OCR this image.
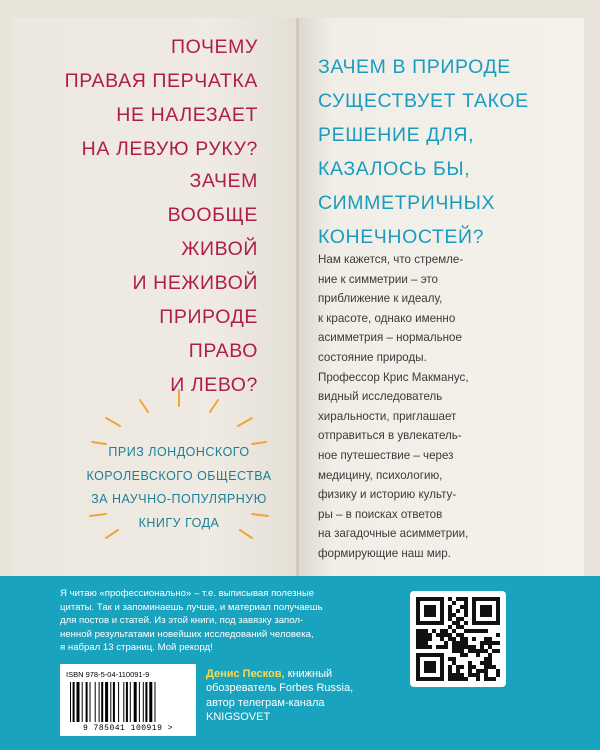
ПОЧЕМУ
ПРАВАЯ ПЕРЧАТКА
НЕ НАЛЕЗАЕТ
НА ЛЕВУЮ РУКУ?
ЗАЧЕМ
ВООБЩЕ
ЖИВОЙ
И НЕЖИВОЙ
ПРИРОДЕ
ПРАВО
И ЛЕВО?
ПРИЗ ЛОНДОНСКОГО
КОРОЛЕВСКОГО ОБЩЕСТВА
ЗА НАУЧНО-ПОПУЛЯРНУЮ
КНИГУ ГОДА
ЗАЧЕМ В ПРИРОДЕ
СУЩЕСТВУЕТ ТАКОЕ
РЕШЕНИЕ ДЛЯ,
КАЗАЛОСЬ БЫ,
СИММЕТРИЧНЫХ
КОНЕЧНОСТЕЙ?
Нам кажется, что стремле-
ние к симметрии – это
приближение к идеалу,
к красоте, однако именно
асимметрия – нормальное
состояние природы.
Профессор Крис Макманус,
видный исследователь
хиральности, приглашает
отправиться в увлекатель-
ное путешествие – через
медицину, психологию,
физику и историю культу-
ры – в поисках ответов
на загадочные асимметрии,
формирующие наш мир.
Я читаю «профессионально» – т.е. выписывая полезные
цитаты. Так и запоминаешь лучше, и материал получаешь
для постов и статей. Из этой книги, под завязку запол-
ненной результатами новейших исследований человека,
я набрал 13 страниц. Мой рекорд!
ISBN 978-5-04-110091-9
9 785041 100919 >
Денис Песков, книжный
обозреватель Forbes Russia,
автор телеграм-канала
KNIGSOVET
